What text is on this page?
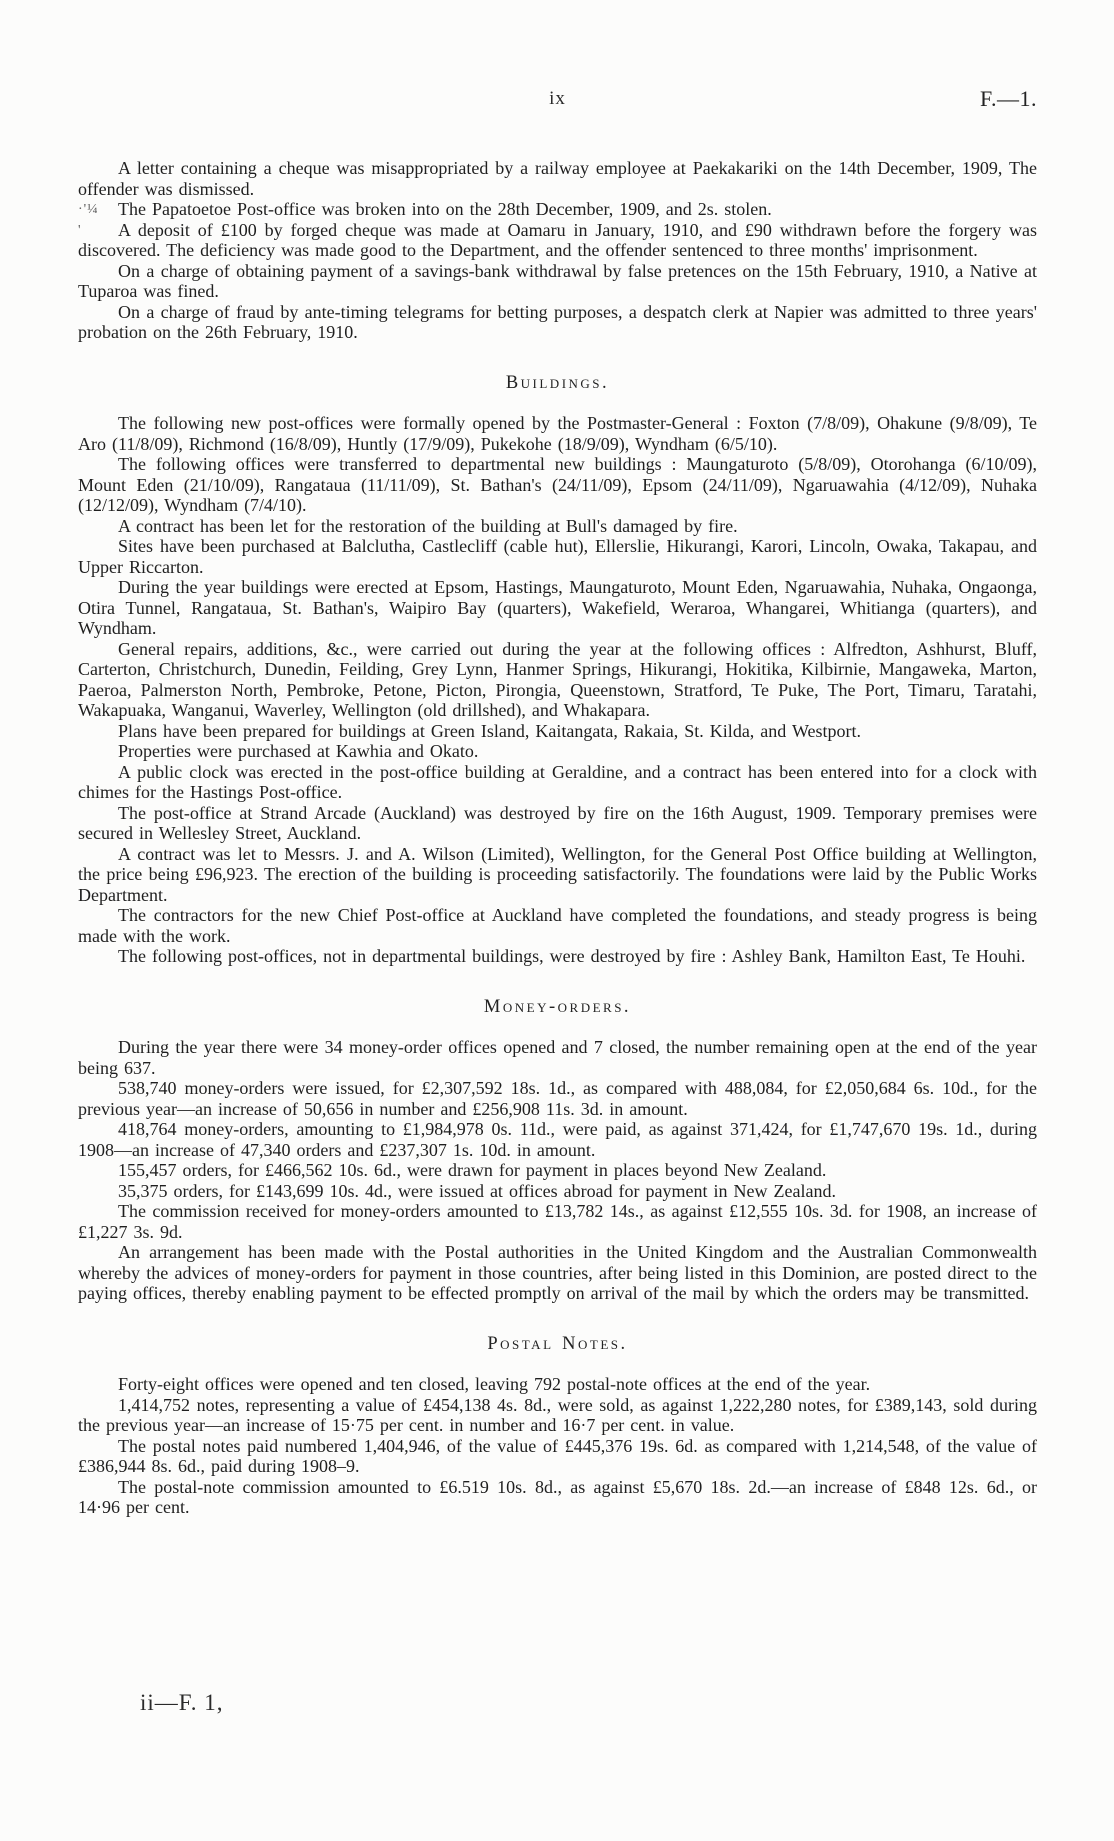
ix	F.—1.

A letter containing a cheque was misappropriated by a railway employee at Paekakariki on the 14th December, 1909, The offender was dismissed.

The Papatoetoe Post-office was broken into on the 28th December, 1909, and 2s. stolen.
·'¼

A deposit of £100 by forged cheque was made at Oamaru in January, 1910, and £90 withdrawn before the forgery was discovered. The deficiency was made good to the Department, and the offender sentenced to three months' imprisonment.
'

On a charge of obtaining payment of a savings-bank withdrawal by false pretences on the 15th February, 1910, a Native at Tuparoa was fined.

On a charge of fraud by ante-timing telegrams for betting purposes, a despatch clerk at Napier was admitted to three years' probation on the 26th February, 1910.

Buildings.

The following new post-offices were formally opened by the Postmaster-General : Foxton (7/8/09), Ohakune (9/8/09), Te Aro (11/8/09), Richmond (16/8/09), Huntly (17/9/09), Pukekohe (18/9/09), Wyndham (6/5/10).

The following offices were transferred to departmental new buildings : Maungaturoto (5/8/09), Otorohanga (6/10/09), Mount Eden (21/10/09), Rangataua (11/11/09), St. Bathan's (24/11/09), Epsom (24/11/09), Ngaruawahia (4/12/09), Nuhaka (12/12/09), Wyndham (7/4/10).

A contract has been let for the restoration of the building at Bull's damaged by fire.

Sites have been purchased at Balclutha, Castlecliff (cable hut), Ellerslie, Hikurangi, Karori, Lincoln, Owaka, Takapau, and Upper Riccarton.

During the year buildings were erected at Epsom, Hastings, Maungaturoto, Mount Eden, Ngaruawahia, Nuhaka, Ongaonga, Otira Tunnel, Rangataua, St. Bathan's, Waipiro Bay (quarters), Wakefield, Weraroa, Whangarei, Whitianga (quarters), and Wyndham.

General repairs, additions, &c., were carried out during the year at the following offices : Alfredton, Ashhurst, Bluff, Carterton, Christchurch, Dunedin, Feilding, Grey Lynn, Hanmer Springs, Hikurangi, Hokitika, Kilbirnie, Mangaweka, Marton, Paeroa, Palmerston North, Pembroke, Petone, Picton, Pirongia, Queenstown, Stratford, Te Puke, The Port, Timaru, Taratahi, Wakapuaka, Wanganui, Waverley, Wellington (old drillshed), and Whakapara.

Plans have been prepared for buildings at Green Island, Kaitangata, Rakaia, St. Kilda, and Westport.

Properties were purchased at Kawhia and Okato.

A public clock was erected in the post-office building at Geraldine, and a contract has been entered into for a clock with chimes for the Hastings Post-office.

The post-office at Strand Arcade (Auckland) was destroyed by fire on the 16th August, 1909. Temporary premises were secured in Wellesley Street, Auckland.

A contract was let to Messrs. J. and A. Wilson (Limited), Wellington, for the General Post Office building at Wellington, the price being £96,923. The erection of the building is proceeding satisfactorily. The foundations were laid by the Public Works Department.

The contractors for the new Chief Post-office at Auckland have completed the foundations, and steady progress is being made with the work.

The following post-offices, not in departmental buildings, were destroyed by fire : Ashley Bank, Hamilton East, Te Houhi.

Money-orders.

During the year there were 34 money-order offices opened and 7 closed, the number remaining open at the end of the year being 637.

538,740 money-orders were issued, for £2,307,592 18s. 1d., as compared with 488,084, for £2,050,684 6s. 10d., for the previous year—an increase of 50,656 in number and £256,908 11s. 3d. in amount.

418,764 money-orders, amounting to £1,984,978 0s. 11d., were paid, as against 371,424, for £1,747,670 19s. 1d., during 1908—an increase of 47,340 orders and £237,307 1s. 10d. in amount.

155,457 orders, for £466,562 10s. 6d., were drawn for payment in places beyond New Zealand.

35,375 orders, for £143,699 10s. 4d., were issued at offices abroad for payment in New Zealand.

The commission received for money-orders amounted to £13,782 14s., as against £12,555 10s. 3d. for 1908, an increase of £1,227 3s. 9d.

An arrangement has been made with the Postal authorities in the United Kingdom and the Australian Commonwealth whereby the advices of money-orders for payment in those countries, after being listed in this Dominion, are posted direct to the paying offices, thereby enabling payment to be effected promptly on arrival of the mail by which the orders may be transmitted.

Postal Notes.

Forty-eight offices were opened and ten closed, leaving 792 postal-note offices at the end of the year.

1,414,752 notes, representing a value of £454,138 4s. 8d., were sold, as against 1,222,280 notes, for £389,143, sold during the previous year—an increase of 15·75 per cent. in number and 16·7 per cent. in value.

The postal notes paid numbered 1,404,946, of the value of £445,376 19s. 6d. as compared with 1,214,548, of the value of £386,944 8s. 6d., paid during 1908–9.

The postal-note commission amounted to £6.519 10s. 8d., as against £5,670 18s. 2d.—an increase of £848 12s. 6d., or 14·96 per cent.

ii—F. 1,
